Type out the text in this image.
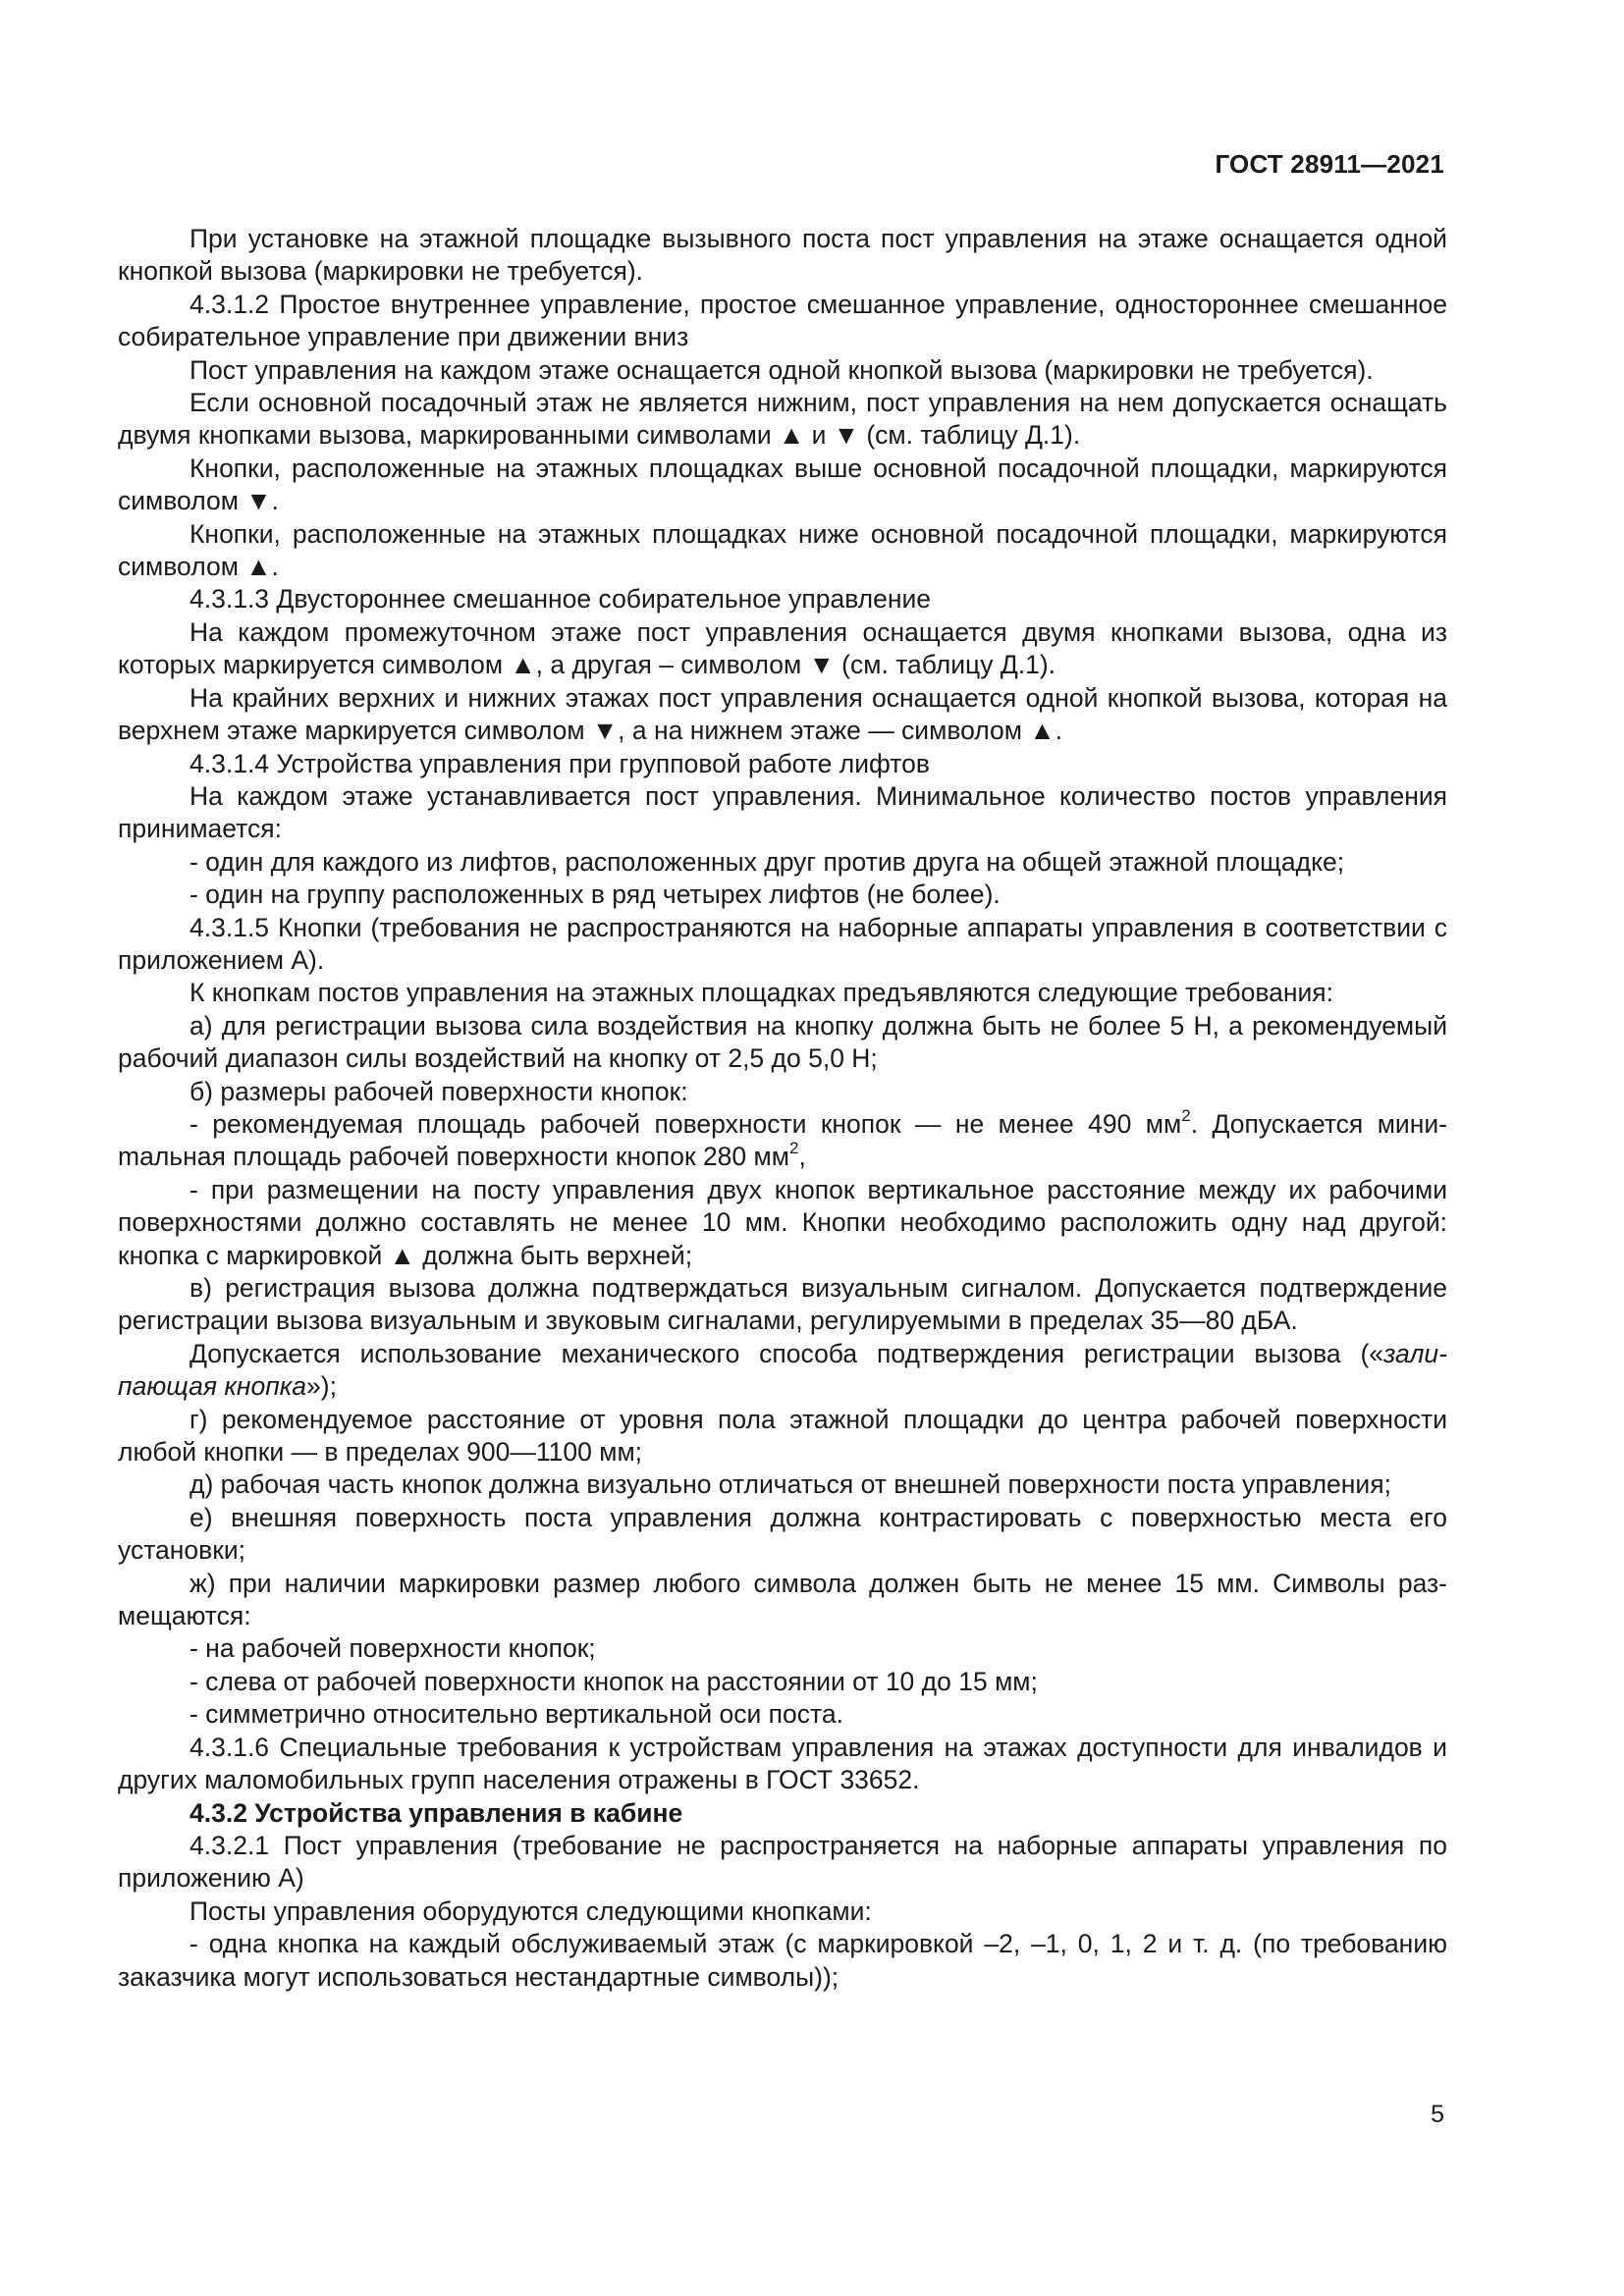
ГОСТ 28911—2021

При установке на этажной площадке вызывного поста пост управления на этаже оснащается одной кнопкой вызова (маркировки не требуется).

4.3.1.2 Простое внутреннее управление, простое смешанное управление, одностороннее смешанное собирательное управление при движении вниз

Пост управления на каждом этаже оснащается одной кнопкой вызова (маркировки не требуется).

Если основной посадочный этаж не является нижним, пост управления на нем допускается оснащать двумя кнопками вызова, маркированными символами ▲ и ▼ (см. таблицу Д.1).

Кнопки, расположенные на этажных площадках выше основной посадочной площадки, маркируются символом ▼.

Кнопки, расположенные на этажных площадках ниже основной посадочной площадки, маркируются символом ▲.

4.3.1.3 Двустороннее смешанное собирательное управление

На каждом промежуточном этаже пост управления оснащается двумя кнопками вызова, одна из которых маркируется символом ▲, а другая – символом ▼ (см. таблицу Д.1).

На крайних верхних и нижних этажах пост управления оснащается одной кнопкой вызова, которая на верхнем этаже маркируется символом ▼, а на нижнем этаже — символом ▲.

4.3.1.4 Устройства управления при групповой работе лифтов

На каждом этаже устанавливается пост управления. Минимальное количество постов управления принимается:

- один для каждого из лифтов, расположенных друг против друга на общей этажной площадке;

- один на группу расположенных в ряд четырех лифтов (не более).

4.3.1.5 Кнопки (требования не распространяются на наборные аппараты управления в соответствии с приложением А).

К кнопкам постов управления на этажных площадках предъявляются следующие требования:

а) для регистрации вызова сила воздействия на кнопку должна быть не более 5 Н, а рекомендуемый рабочий диапазон силы воздействий на кнопку от 2,5 до 5,0 Н;

б) размеры рабочей поверхности кнопок:

- рекомендуемая площадь рабочей поверхности кнопок — не менее 490 $мм^2$. Допускается миниmальная площадь рабочей поверхности кнопок 280 $мм^2$,

- при размещении на посту управления двух кнопок вертикальное расстояние между их рабочими поверхностями должно составлять не менее 10 мм. Кнопки необходимо расположить одну над другой: кнопка с маркировкой ▲ должна быть верхней;

в) регистрация вызова должна подтверждаться визуальным сигналом. Допускается подтверждение регистрации вызова визуальным и звуковым сигналами, регулируемыми в пределах 35—80 дБА.

Допускается использование механического способа подтверждения регистрации вызова («залипающая кнопка»);

г) рекомендуемое расстояние от уровня пола этажной площадки до центра рабочей поверхности любой кнопки — в пределах 900—1100 мм;

д) рабочая часть кнопок должна визуально отличаться от внешней поверхности поста управления;

е) внешняя поверхность поста управления должна контрастировать с поверхностью места его установки;

ж) при наличии маркировки размер любого символа должен быть не менее 15 мм. Символы размещаются:

- на рабочей поверхности кнопок;

- слева от рабочей поверхности кнопок на расстоянии от 10 до 15 мм;

- симметрично относительно вертикальной оси поста.

4.3.1.6 Специальные требования к устройствам управления на этажах доступности для инвалидов и других маломобильных групп населения отражены в ГОСТ 33652.

4.3.2 Устройства управления в кабине

4.3.2.1 Пост управления (требование не распространяется на наборные аппараты управления по приложению А)

Посты управления оборудуются следующими кнопками:

- одна кнопка на каждый обслуживаемый этаж (с маркировкой –2, –1, 0, 1, 2 и т. д. (по требованию заказчика могут использоваться нестандартные символы));

5
